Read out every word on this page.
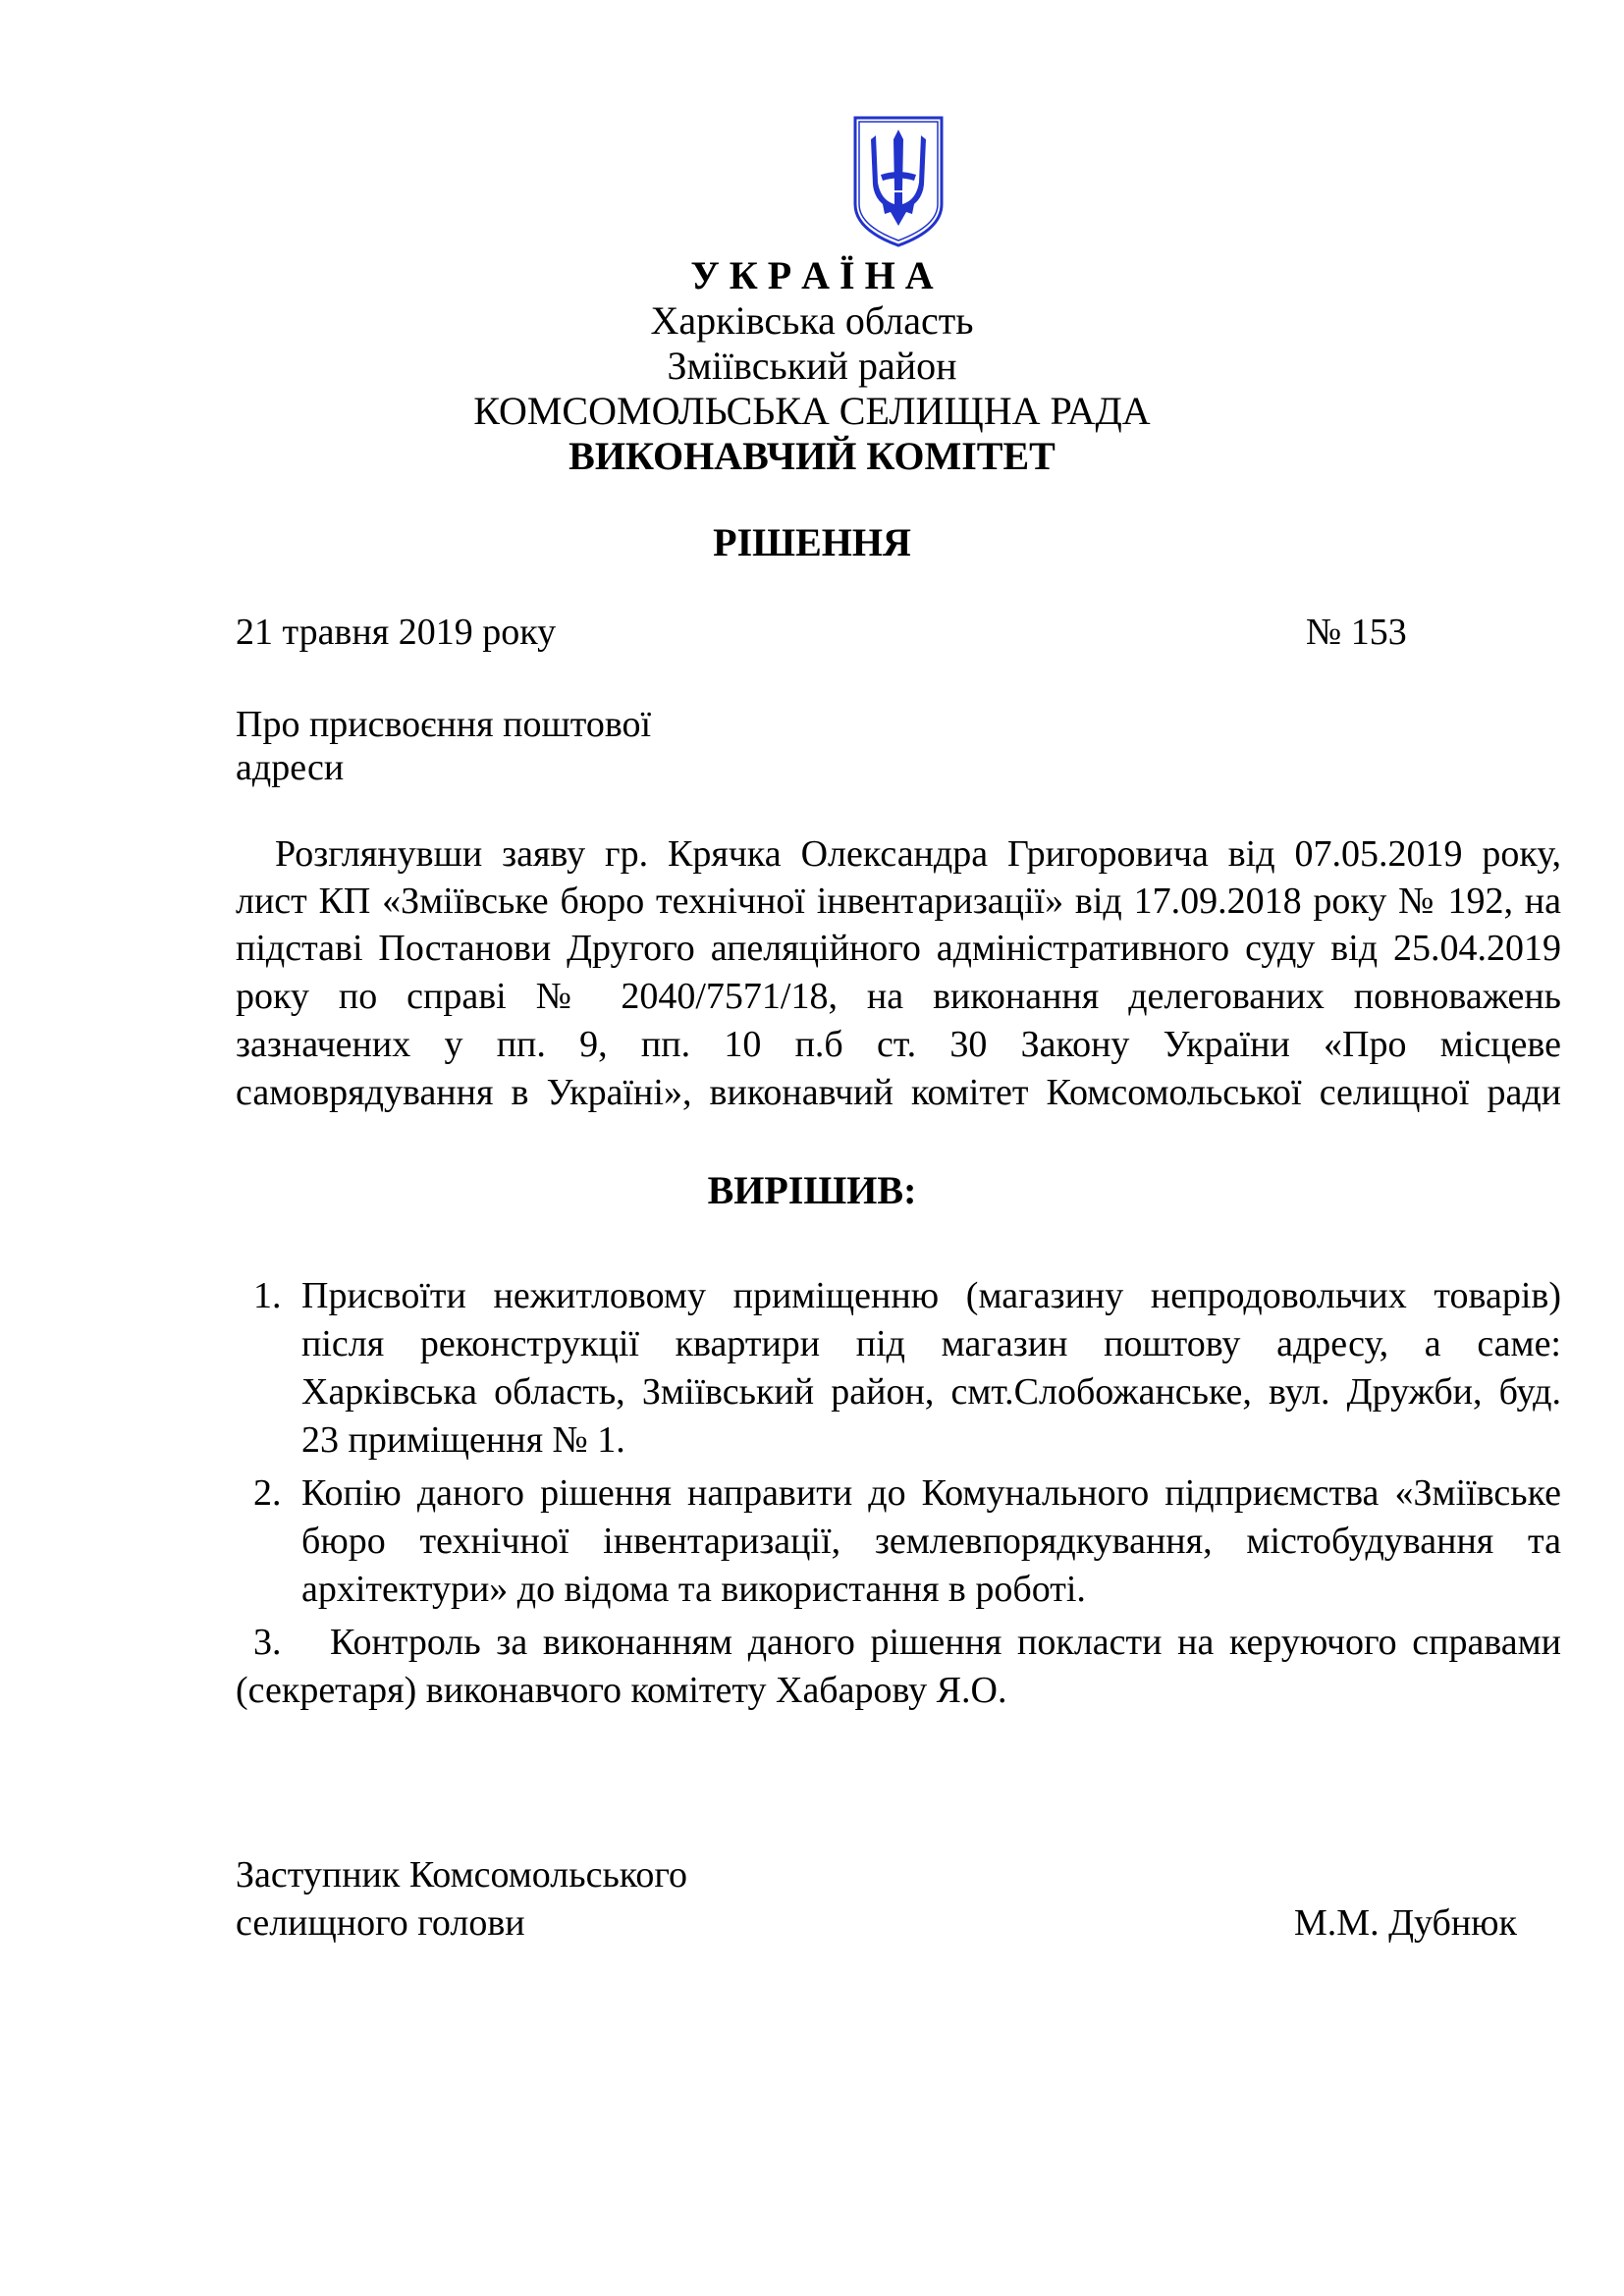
У К Р А Ї Н А
Харківська область
Зміївський район
КОМСОМОЛЬСЬКА СЕЛИЩНА РАДА
ВИКОНАВЧИЙ КОМІТЕТ
РІШЕННЯ
21 травня 2019 року	№ 153
Про присвоєння поштової
адреси
Розглянувши заяву гр. Крячка Олександра Григоровича від 07.05.2019 року,
лист КП «Зміївське бюро технічної інвентаризації» від 17.09.2018 року № 192, на
підставі Постанови Другого апеляційного адміністративного суду від 25.04.2019
року по справі № 2040/7571/18, на виконання делегованих повноважень
зазначених у пп. 9, пп. 10 п.б ст. 30 Закону України «Про місцеве
самоврядування в Україні», виконавчий комітет Комсомольської селищної ради
ВИРІШИВ:
1. Присвоїти нежитловому приміщенню (магазину непродовольчих товарів)
після реконструкції квартири під магазин поштову адресу, а саме:
Харківська область, Зміївський район, смт.Слобожанське, вул. Дружби, буд.
23 приміщення № 1.
2. Копію даного рішення направити до Комунального підприємства «Зміївське
бюро технічної інвентаризації, землевпорядкування, містобудування та
архітектури» до відома та використання в роботі.
3. Контроль за виконанням даного рішення покласти на керуючого справами
(секретаря) виконавчого комітету Хабарову Я.О.
Заступник Комсомольського
селищного голови	М.М. Дубнюк
